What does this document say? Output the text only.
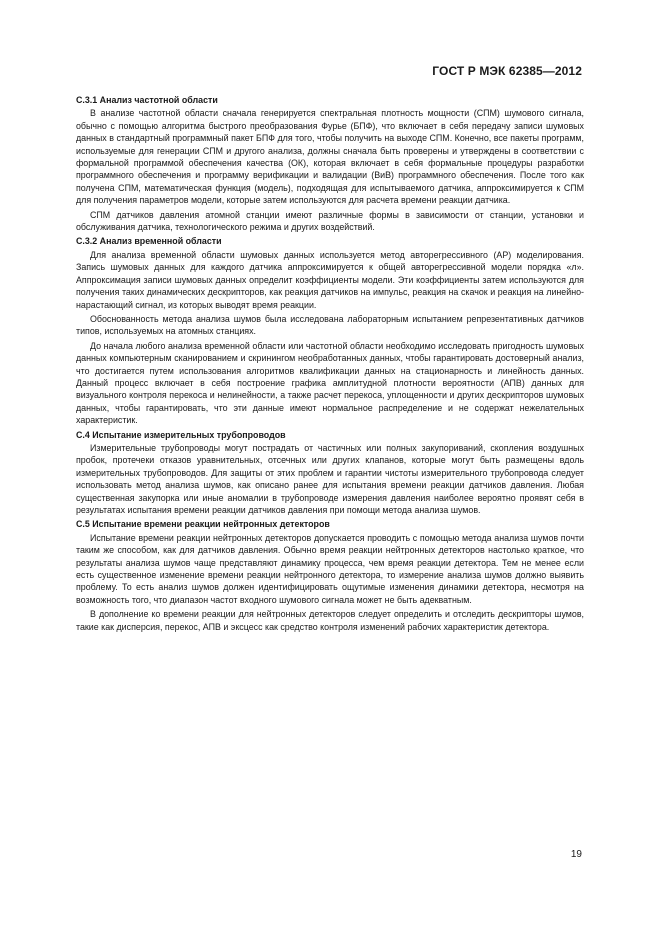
ГОСТ Р МЭК 62385—2012
С.3.1 Анализ частотной области
В анализе частотной области сначала генерируется спектральная плотность мощности (СПМ) шумового сигнала, обычно с помощью алгоритма быстрого преобразования Фурье (БПФ), что включает в себя передачу записи шумовых данных в стандартный программный пакет БПФ для того, чтобы получить на выходе СПМ. Конечно, все пакеты программ, используемые для генерации СПМ и другого анализа, должны сначала быть проверены и утверждены в соответствии с формальной программой обеспечения качества (ОК), которая включает в себя формальные процедуры разработки программного обеспечения и программу верификации и валидации (ВиВ) программного обеспечения. После того как получена СПМ, математическая функция (модель), подходящая для испытываемого датчика, аппроксимируется к СПМ для получения параметров модели, которые затем используются для расчета времени реакции датчика.
СПМ датчиков давления атомной станции имеют различные формы в зависимости от станции, установки и обслуживания датчика, технологического режима и других воздействий.
С.3.2 Анализ временной области
Для анализа временной области шумовых данных используется метод авторегрессивного (АР) моделирования. Запись шумовых данных для каждого датчика аппроксимируется к общей авторегрессивной модели порядка «л». Аппроксимация записи шумовых данных определит коэффициенты модели. Эти коэффициенты затем используются для получения таких динамических дескрипторов, как реакция датчиков на импульс, реакция на скачок и реакция на линейно-нарастающий сигнал, из которых выводят время реакции.
Обоснованность метода анализа шумов была исследована лабораторным испытанием репрезентативных датчиков типов, используемых на атомных станциях.
До начала любого анализа временной области или частотной области необходимо исследовать пригодность шумовых данных компьютерным сканированием и скринингом необработанных данных, чтобы гарантировать достоверный анализ, что достигается путем использования алгоритмов квалификации данных на стационарность и линейность данных. Данный процесс включает в себя построение графика амплитудной плотности вероятности (АПВ) данных для визуального контроля перекоса и нелинейности, а также расчет перекоса, уплощенности и других дескрипторов шумовых данных, чтобы гарантировать, что эти данные имеют нормальное распределение и не содержат нежелательных характеристик.
С.4 Испытание измерительных трубопроводов
Измерительные трубопроводы могут пострадать от частичных или полных закупориваний, скопления воздушных пробок, протечеки отказов уравнительных, отсечных или других клапанов, которые могут быть размещены вдоль измерительных трубопроводов. Для защиты от этих проблем и гарантии чистоты измерительного трубопровода следует использовать метод анализа шумов, как описано ранее для испытания времени реакции датчиков давления. Любая существенная закупорка или иные аномалии в трубопроводе измерения давления наиболее вероятно проявят себя в результатах испытания времени реакции датчиков давления при помощи метода анализа шумов.
С.5 Испытание времени реакции нейтронных детекторов
Испытание времени реакции нейтронных детекторов допускается проводить с помощью метода анализа шумов почти таким же способом, как для датчиков давления. Обычно время реакции нейтронных детекторов настолько краткое, что результаты анализа шумов чаще представляют динамику процесса, чем время реакции детектора. Тем не менее если есть существенное изменение времени реакции нейтронного детектора, то измерение анализа шумов должно выявить проблему. То есть анализ шумов должен идентифицировать ощутимые изменения динамики детектора, несмотря на возможность того, что диапазон частот входного шумового сигнала может не быть адекватным.
В дополнение ко времени реакции для нейтронных детекторов следует определить и отследить дескрипторы шумов, такие как дисперсия, перекос, АПВ и эксцесс как средство контроля изменений рабочих характеристик детектора.
19
